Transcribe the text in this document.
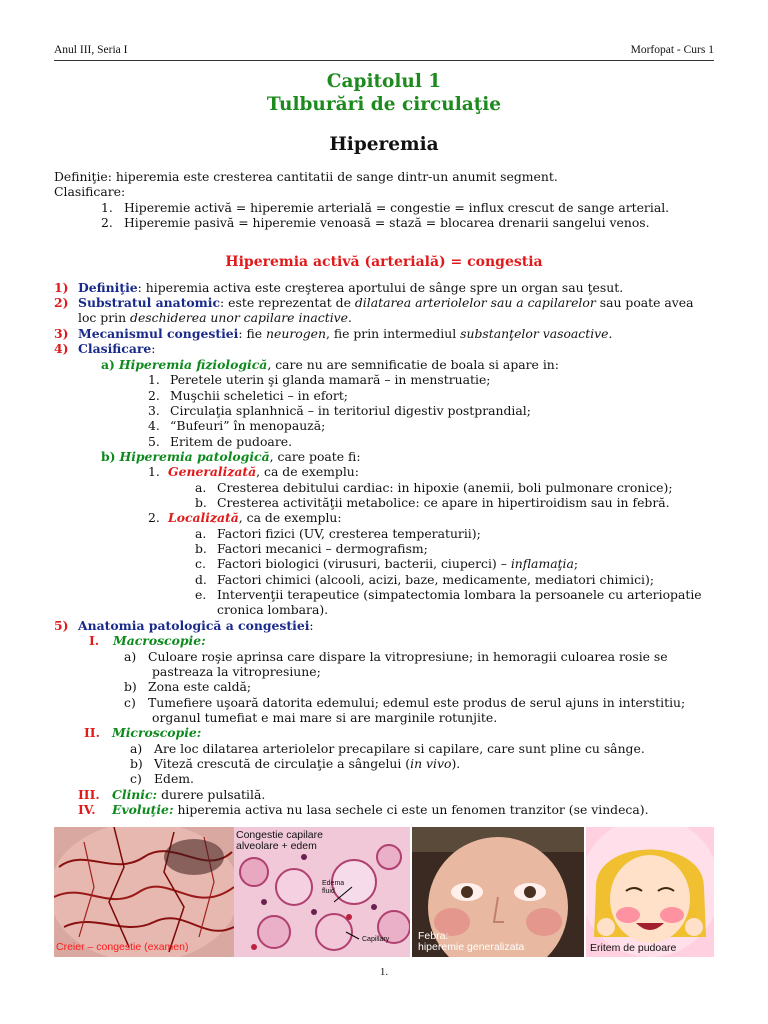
Anul III, Seria I	Morfopat - Curs 1
Capitolul 1
Tulburări de circulaţie
Hiperemia
Definiţie: hiperemia este cresterea cantitatii de sange dintr-un anumit segment.
Clasificare:
1. Hiperemie activă = hiperemie arterială = congestie = influx crescut de sange arterial.
2. Hiperemie pasivă = hiperemie venoasă = stază = blocarea drenarii sangelui venos.
Hiperemia activă (arterială) = congestia
1) Definiţie: hiperemia activa este creşterea aportului de sânge spre un organ sau ţesut.
2) Substratul anatomic: este reprezentat de dilatarea arteriolelor sau a capilarelor sau poate avea
loc prin deschiderea unor capilare inactive.
3) Mecanismul congestiei: fie neurogen, fie prin intermediul substanţelor vasoactive.
4) Clasificare:
a) Hiperemia fiziologică, care nu are semnificatie de boala si apare in:
1. Peretele uterin şi glanda mamară – in menstruatie;
2. Muşchii scheletici – in efort;
3. Circulaţia splanhnică – in teritoriul digestiv postprandial;
4. “Bufeuri” în menopauză;
5. Eritem de pudoare.
b) Hiperemia patologică, care poate fi:
1. Generalizată, ca de exemplu:
a. Cresterea debitului cardiac: in hipoxie (anemii, boli pulmonare cronice);
b. Cresterea activităţii metabolice: ce apare in hipertiroidism sau in febră.
2. Localizată, ca de exemplu:
a. Factori fizici (UV, cresterea temperaturii);
b. Factori mecanici – dermografism;
c. Factori biologici (virusuri, bacterii, ciuperci) – inflamaţia;
d. Factori chimici (alcooli, acizi, baze, medicamente, mediatori chimici);
e. Intervenţii terapeutice (simpatectomia lombara la persoanele cu arteriopatie
cronica lombara).
5) Anatomia patologică a congestiei:
I. Macroscopie:
a) Culoare roşie aprinsa care dispare la vitropresiune; in hemoragii culoarea rosie se
pastreaza la vitropresiune;
b) Zona este caldă;
c) Tumefiere uşoară datorita edemului; edemul este produs de serul ajuns in interstitiu;
organul tumefiat e mai mare si are marginile rotunjite.
II. Microscopie:
a) Are loc dilatarea arteriolelor precapilare si capilare, care sunt pline cu sânge.
b) Viteză crescută de circulaţie a sângelui (in vivo).
c) Edem.
III. Clinic: durere pulsatilă.
IV. Evoluţie: hiperemia activa nu lasa sechele ci este un fenomen tranzitor (se vindeca).
Creier – congestie (examen)
Congestie capilare
alveolare + edem
Edema
fluid
Capillary	Febra:
hiperemie generalizata	Eritem de pudoare
1.
